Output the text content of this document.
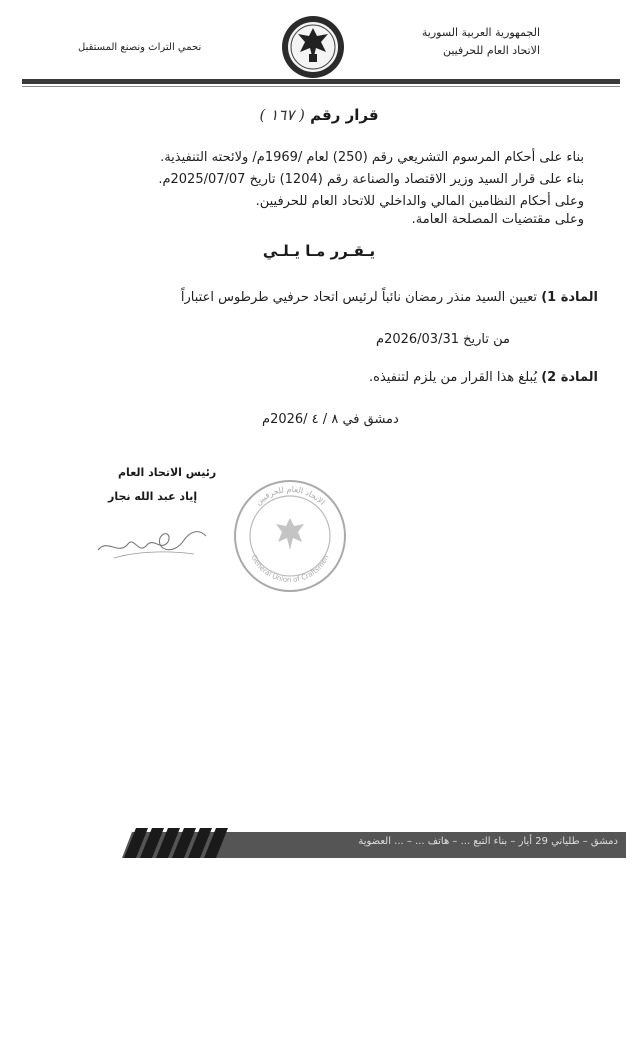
الجمهورية العربية السورية
الاتحاد العام للحرفيين
نحمي التراث ونصنع المستقبل
قرار رقم ( ١٦٧ )
بناء على أحكام المرسوم التشريعي رقم (250) لعام /1969م/ ولائحته التنفيذية.
بناء على قرار السيد وزير الاقتصاد والصناعة رقم (1204) تاريخ 2025/07/07م.
وعلى أحكام النظامين المالي والداخلي للاتحاد العام للحرفيين.
وعلى مقتضيات المصلحة العامة.
يـقـرر مـا يـلـي
المادة 1) تعيين السيد منذر رمضان نائباً لرئيس اتحاد حرفيي طرطوس اعتباراً
من تاريخ 2026/03/31م
المادة 2) يُبلغ هذا القرار من يلزم لتنفيذه.
دمشق في ٨ / ٤ /2026م
رئيس الاتحاد العام
إياد عبد الله نجار	الاتحاد العام للحرفيين
General Union of Craftsmen
دمشق – طلياني 29 أيار – بناء التبع ... – هاتف ... – ... العضوية
